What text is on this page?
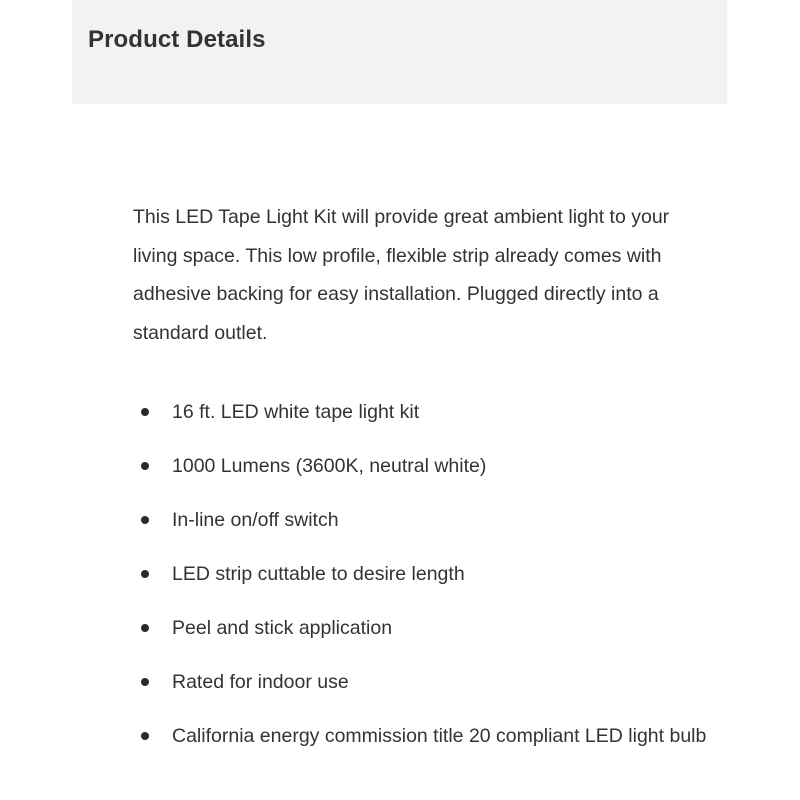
Product Details

This LED Tape Light Kit will provide great ambient light to your living space. This low profile, flexible strip already comes with adhesive backing for easy installation. Plugged directly into a standard outlet.

16 ft. LED white tape light kit
1000 Lumens (3600K, neutral white)
In-line on/off switch
LED strip cuttable to desire length
Peel and stick application
Rated for indoor use
California energy commission title 20 compliant LED light bulb
